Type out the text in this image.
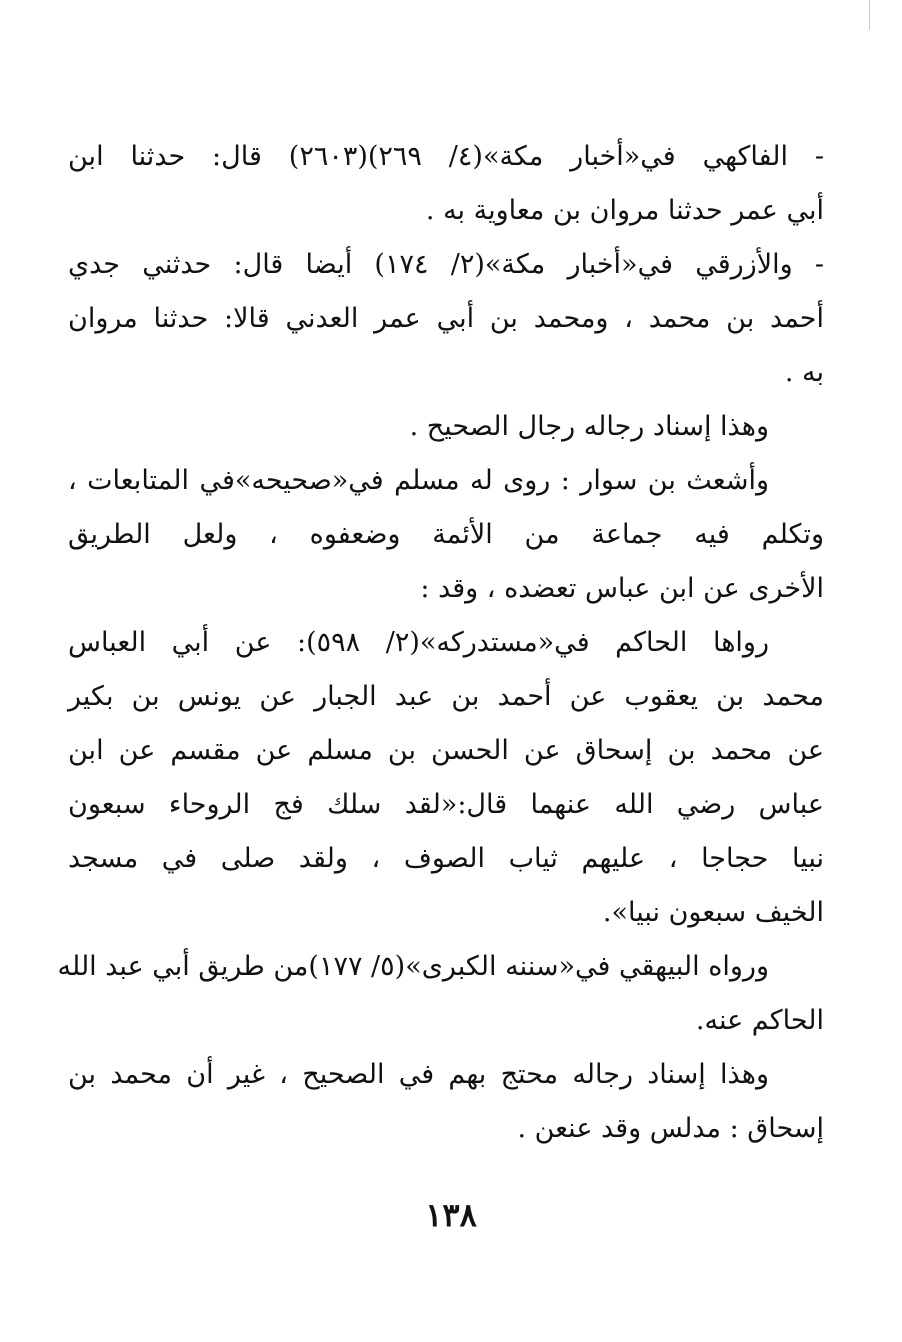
- الفاكهي في«أخبار مكة»(٤/ ٢٦٩)(٢٦٠٣) قال: حدثنا ابن
أبي عمر حدثنا مروان بن معاوية به .
- والأزرقي في«أخبار مكة»(٢/ ١٧٤) أيضا قال: حدثني جدي
أحمد بن محمد ، ومحمد بن أبي عمر العدني قالا: حدثنا مروان
به .
وهذا إسناد رجاله رجال الصحيح .
وأشعث بن سوار : روى له مسلم في«صحيحه»في المتابعات ،
وتكلم فيه جماعة من الأئمة وضعفوه ، ولعل الطريق
الأخرى عن ابن عباس تعضده ، وقد :
رواها الحاكم في«مستدركه»(٢/ ٥٩٨): عن أبي العباس
محمد بن يعقوب عن أحمد بن عبد الجبار عن يونس بن بكير
عن محمد بن إسحاق عن الحسن بن مسلم عن مقسم عن ابن
عباس رضي الله عنهما قال:«لقد سلك فج الروحاء سبعون
نبيا حجاجا ، عليهم ثياب الصوف ، ولقد صلى في مسجد
الخيف سبعون نبيا».
ورواه البيهقي في«سننه الكبرى»(٥/ ١٧٧)من طريق أبي عبد الله
الحاكم عنه.
وهذا إسناد رجاله محتج بهم في الصحيح ، غير أن محمد بن
إسحاق : مدلس وقد عنعن .
١٣٨
